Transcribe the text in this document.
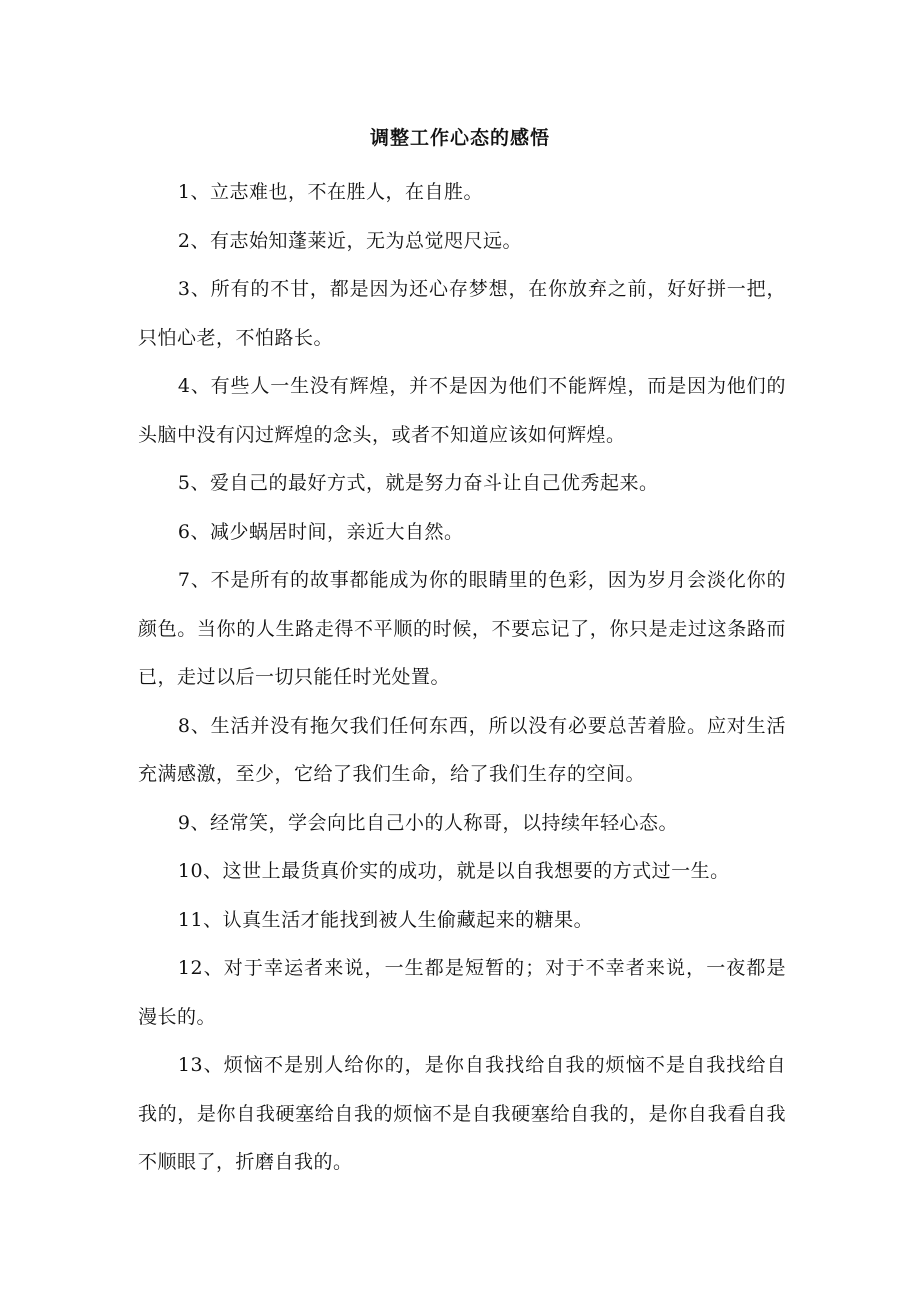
调整工作心态的感悟

1、立志难也，不在胜人，在自胜。

2、有志始知蓬莱近，无为总觉咫尺远。

3、所有的不甘，都是因为还心存梦想，在你放弃之前，好好拼一把，只怕心老，不怕路长。

4、有些人一生没有辉煌，并不是因为他们不能辉煌，而是因为他们的头脑中没有闪过辉煌的念头，或者不知道应该如何辉煌。

5、爱自己的最好方式，就是努力奋斗让自己优秀起来。

6、减少蜗居时间，亲近大自然。

7、不是所有的故事都能成为你的眼睛里的色彩，因为岁月会淡化你的颜色。当你的人生路走得不平顺的时候，不要忘记了，你只是走过这条路而已，走过以后一切只能任时光处置。

8、生活并没有拖欠我们任何东西，所以没有必要总苦着脸。应对生活充满感激，至少，它给了我们生命，给了我们生存的空间。

9、经常笑，学会向比自己小的人称哥，以持续年轻心态。

10、这世上最货真价实的成功，就是以自我想要的方式过一生。

11、认真生活才能找到被人生偷藏起来的糖果。

12、对于幸运者来说，一生都是短暂的；对于不幸者来说，一夜都是漫长的。

13、烦恼不是别人给你的，是你自我找给自我的烦恼不是自我找给自我的，是你自我硬塞给自我的烦恼不是自我硬塞给自我的，是你自我看自我不顺眼了，折磨自我的。
